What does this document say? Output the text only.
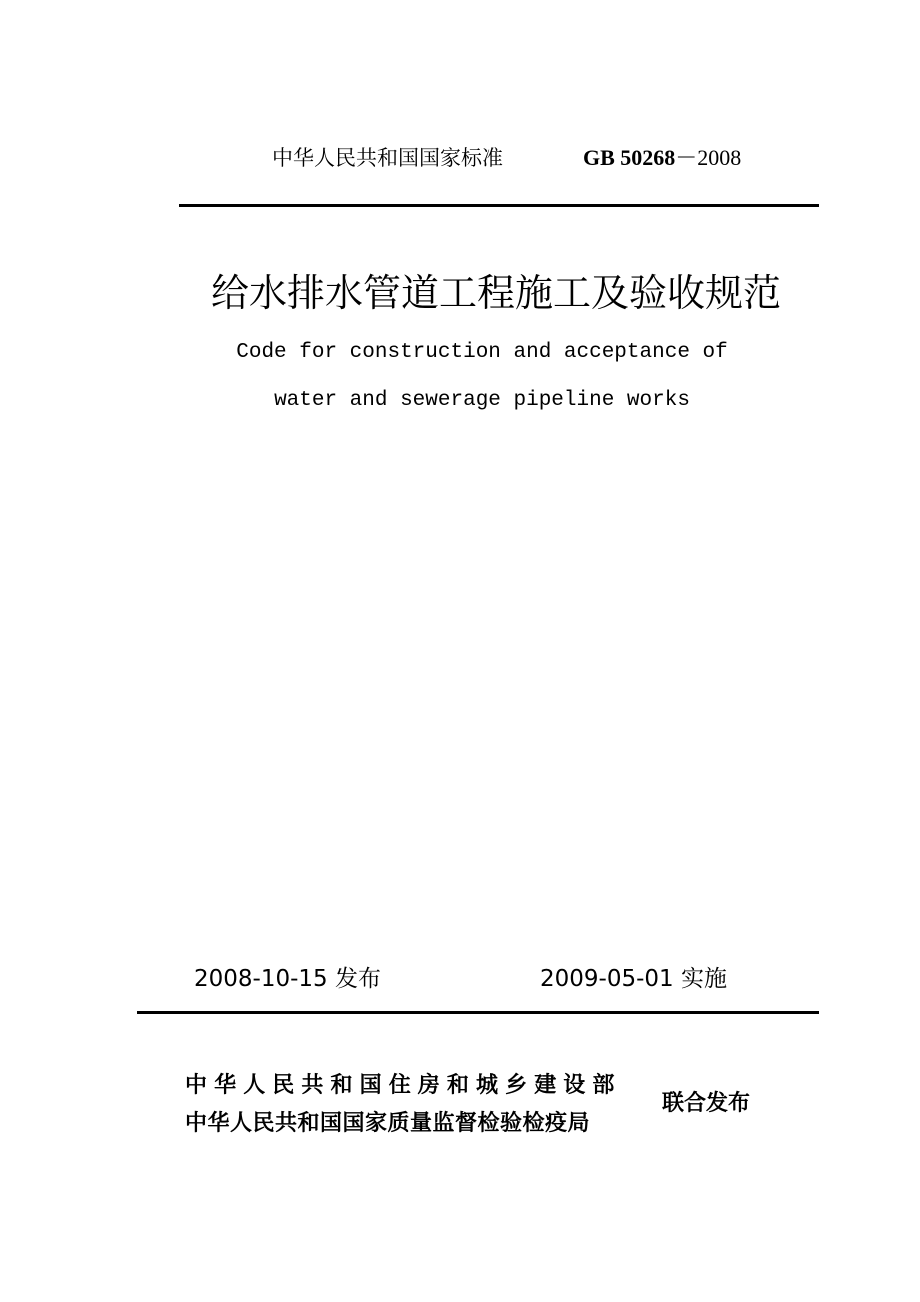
中华人民共和国国家标准	GB 50268－2008
给水排水管道工程施工及验收规范
Code for construction and acceptance of
water and sewerage pipeline works
2008-10-15 发布	2009-05-01 实施
中华人民共和国住房和城乡建设部
中华人民共和国国家质量监督检验检疫局
联合发布
